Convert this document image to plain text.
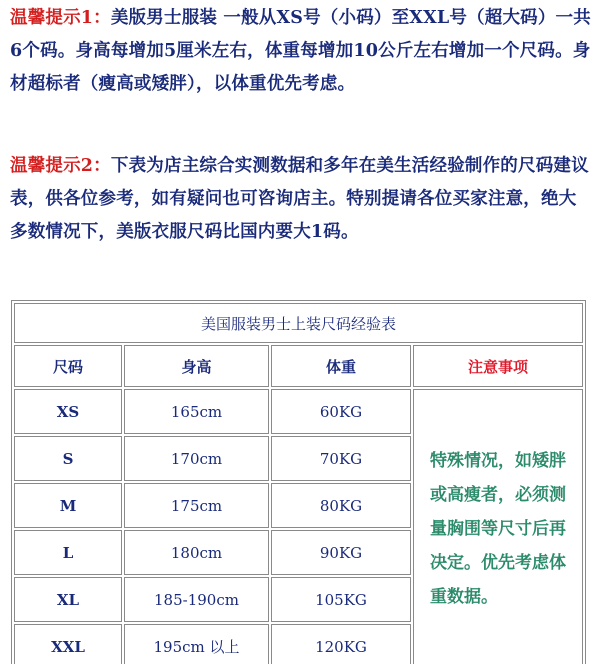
温馨提示1：美版男士服装 一般从XS号（小码）至XXL号（超大码）一共6个码。身高每增加5厘米左右，体重每增加10公斤左右增加一个尺码。身材超标者（瘦高或矮胖），以体重优先考虑。

温馨提示2：下表为店主综合实测数据和多年在美生活经验制作的尺码建议表，供各位参考，如有疑问也可咨询店主。特别提请各位买家注意，绝大多数情况下，美版衣服尺码比国内要大1码。

美国服装男士上装尺码经验表			
尺码	身高	体重	注意事项
XS	165cm	60KG	特殊情况，如矮胖或高瘦者，必须测量胸围等尺寸后再决定。优先考虑体重数据。
S	170cm	70KG	
M	175cm	80KG	
L	180cm	90KG	
XL	185-190cm	105KG	
XXL	195cm 以上	120KG	
